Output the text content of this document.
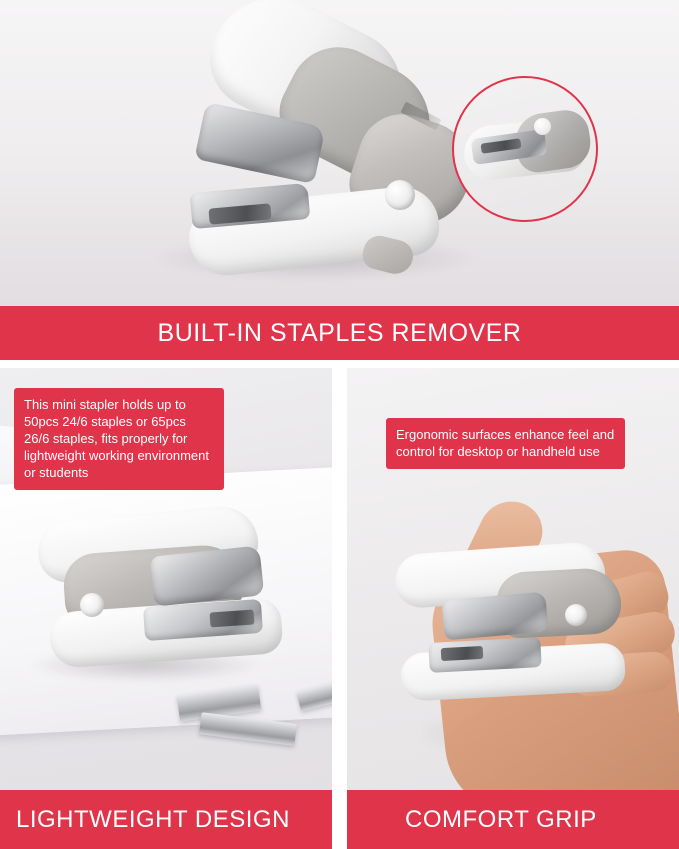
BUILT-IN STAPLES REMOVER
This mini stapler holds up to 50pcs 24/6 staples or 65pcs 26/6 staples, fits properly for lightweight working environment or students
Ergonomic surfaces enhance feel and control for desktop or handheld use
LIGHTWEIGHT DESIGN	COMFORT GRIP
